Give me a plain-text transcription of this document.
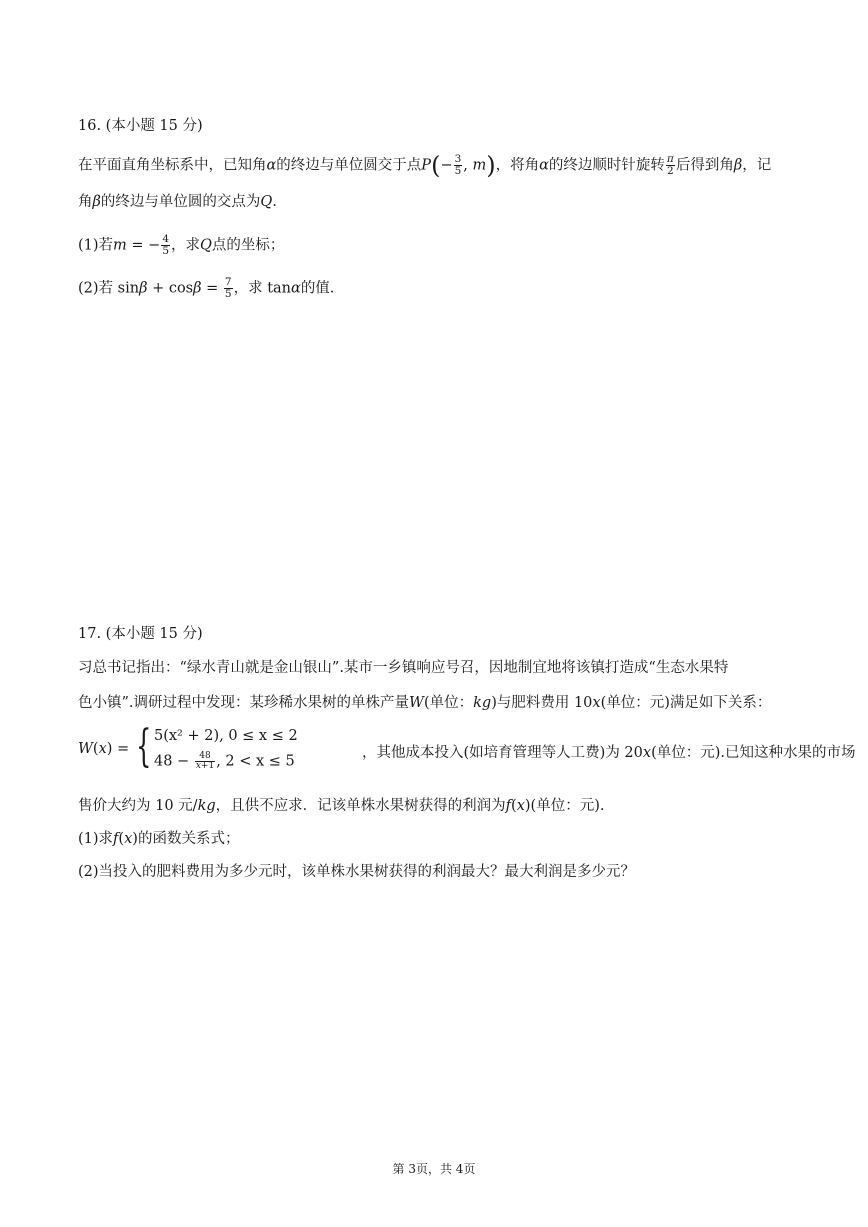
16. (本小题 15 分)
在平面直角坐标系中，已知角α的终边与单位圆交于点$P(- \frac{3}{5}$ , m)，将角α的终边顺时针旋转 $\frac{\pi}{2}$ 后得到角β，记
角β的终边与单位圆的交点为Q.
(1)若m = − $\frac{4}{5}$ ，求Q点的坐标；
(2)若 $\sin\beta + \cos\beta = \frac{7}{5}$ ，求 tanα的值.
17. (本小题 15 分)
习总书记指出：“绿水青山就是金山银山”.某市一乡镇响应号召，因地制宜地将该镇打造成“生态水果特
色小镇”.调研过程中发现：某珍稀水果树的单株产量W(单位：kg)与肥料费用 10x(单位：元)满足如下关系：
W(x) = { 5(x² + 2), 0 ≤ x ≤ 2
$48 - \frac{48}{x+1}$ , 2 < x ≤ 5
，其他成本投入(如培育管理等人工费)为 20x(单位：元).已知这种水果的市场
售价大约为 10 元/kg，且供不应求．记该单株水果树获得的利润为f(x)(单位：元).
(1)求f(x)的函数关系式；
(2)当投入的肥料费用为多少元时，该单株水果树获得的利润最大？最大利润是多少元？
第 3页，共 4页
